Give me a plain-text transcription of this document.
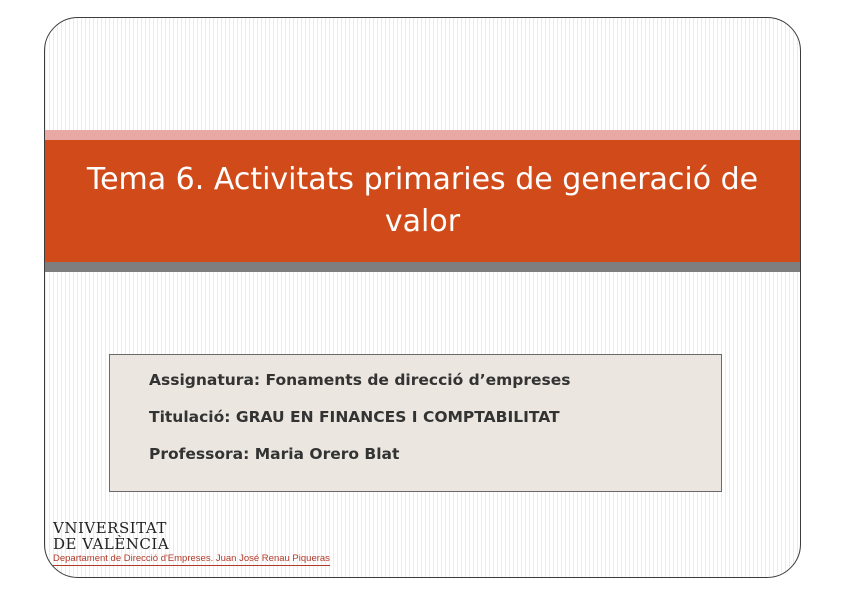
Tema 6. Activitats primaries de generació de valor
Assignatura: Fonaments de direcció d’empreses
Titulació: GRAU EN FINANCES I COMPTABILITAT
Professora: Maria Orero Blat
VNIVERSITAT
DE VALÈNCIA
Departament de Direcció d'Empreses. Juan José Renau Piqueras
